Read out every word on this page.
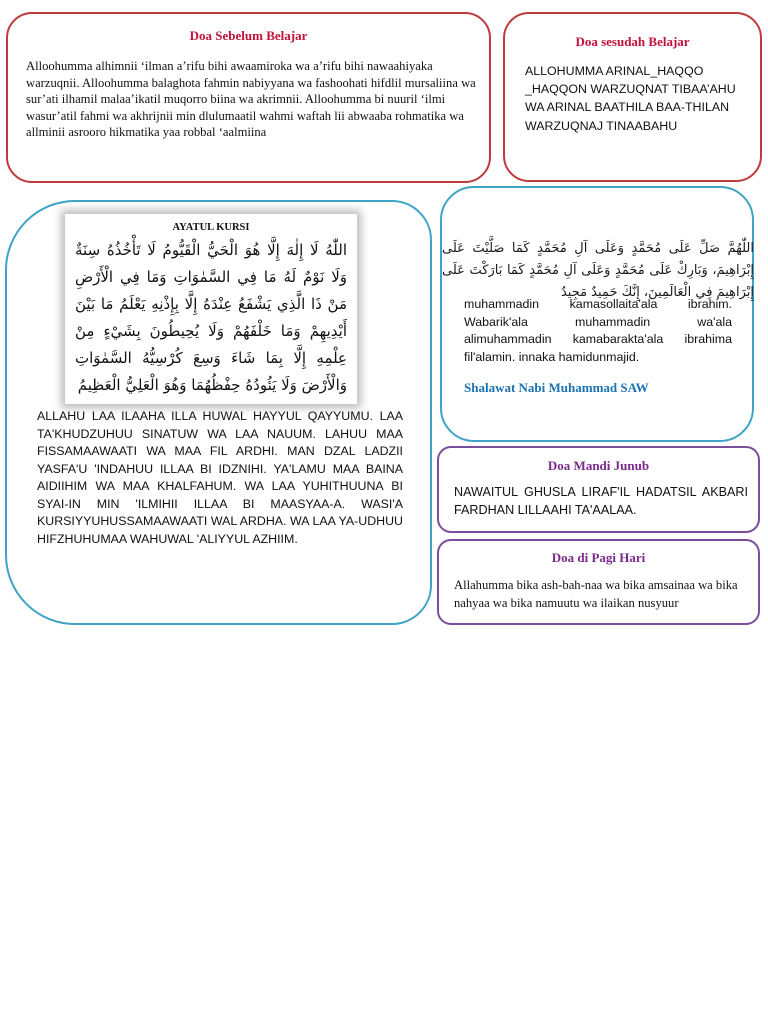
Doa Sebelum Belajar
Alloohumma alhimnii ‘ilman a’rifu bihi awaamiroka wa a’rifu bihi nawaahiyaka warzuqnii. Alloohumma balaghota fahmin nabiyyana wa fashoohati hifdlil mursaliina wa sur’ati ilhamil malaa’ikatil muqorro biina wa akrimnii. Alloohumma bi nuuril ‘ilmi wasur’atil fahmi wa akhrijnii min dlulumaatil wahmi waftah lii abwaaba rohmatika wa allminii asrooro hikmatika yaa robbal ‘aalmiina
Doa sesudah Belajar
ALLOHUMMA ARINAL_HAQQO _HAQQON WARZUQNAT TIBAA’AHU WA ARINAL BAATHILA BAA-THILAN WARZUQNAJ TINAABAHU
AYATUL KURSI
اللّٰهُ لَا إِلٰهَ إِلَّا هُوَ الْحَيُّ الْقَيُّومُ لَا تَأْخُذُهُ سِنَةٌ وَلَا نَوْمٌ لَهُ مَا فِي السَّمٰوَاتِ وَمَا فِي الْأَرْضِ مَنْ ذَا الَّذِي يَشْفَعُ عِنْدَهُ إِلَّا بِإِذْنِهِ يَعْلَمُ مَا بَيْنَ أَيْدِيهِمْ وَمَا خَلْفَهُمْ وَلَا يُحِيطُونَ بِشَيْءٍ مِنْ عِلْمِهِ إِلَّا بِمَا شَاءَ وَسِعَ كُرْسِيُّهُ السَّمٰوَاتِ وَالْأَرْضَ وَلَا يَئُودُهُ حِفْظُهُمَا وَهُوَ الْعَلِيُّ الْعَظِيمُ
ALLAHU LAA ILAAHA ILLA HUWAL HAYYUL QAYYUMU. LAA TA'KHUDZUHUU SINATUW WA LAA NAUUM. LAHUU MAA FISSAMAAWAATI WA MAA FIL ARDHI. MAN DZAL LADZII YASFA'U 'INDAHUU ILLAA BI IDZNIHI. YA'LAMU MAA BAINA AIDIIHIM WA MAA KHALFAHUM. WA LAA YUHITHUUNA BI SYAI-IN MIN 'ILMIHII ILLAA BI MAASYAA-A. WASI'A KURSIYYUHUSSAMAAWAATI WAL ARDHA. WA LAA YA-UDHUU HIFZHUHUMAA WAHUWAL 'ALIYYUL AZHIIM.
اللّٰهُمَّ صَلِّ عَلَى مُحَمَّدٍ وَعَلَى آلِ مُحَمَّدٍ كَمَا صَلَّيْتَ عَلَى إِبْرَاهِيمَ، وَبَارِكْ عَلَى مُحَمَّدٍ وَعَلَى آلِ مُحَمَّدٍ كَمَا بَارَكْتَ عَلَى إِبْرَاهِيمَ فِي الْعَالَمِينَ، إِنَّكَ حَمِيدٌ مَجِيدٌ
muhammadin kamasollaita'ala ibrahim. Wabarik'ala muhammadin wa'ala alimuhammadin kamabarakta'ala ibrahima fil'alamin. innaka hamidunmajid.
Shalawat Nabi Muhammad SAW
Doa Mandi Junub
NAWAITUL GHUSLA LIRAF'IL HADATSIL AKBARI FARDHAN LILLAAHI TA'AALAA.
Doa di Pagi Hari
Allahumma bika ash-bah-naa wa bika amsainaa wa bika nahyaa wa bika namuutu wa ilaikan nusyuur
